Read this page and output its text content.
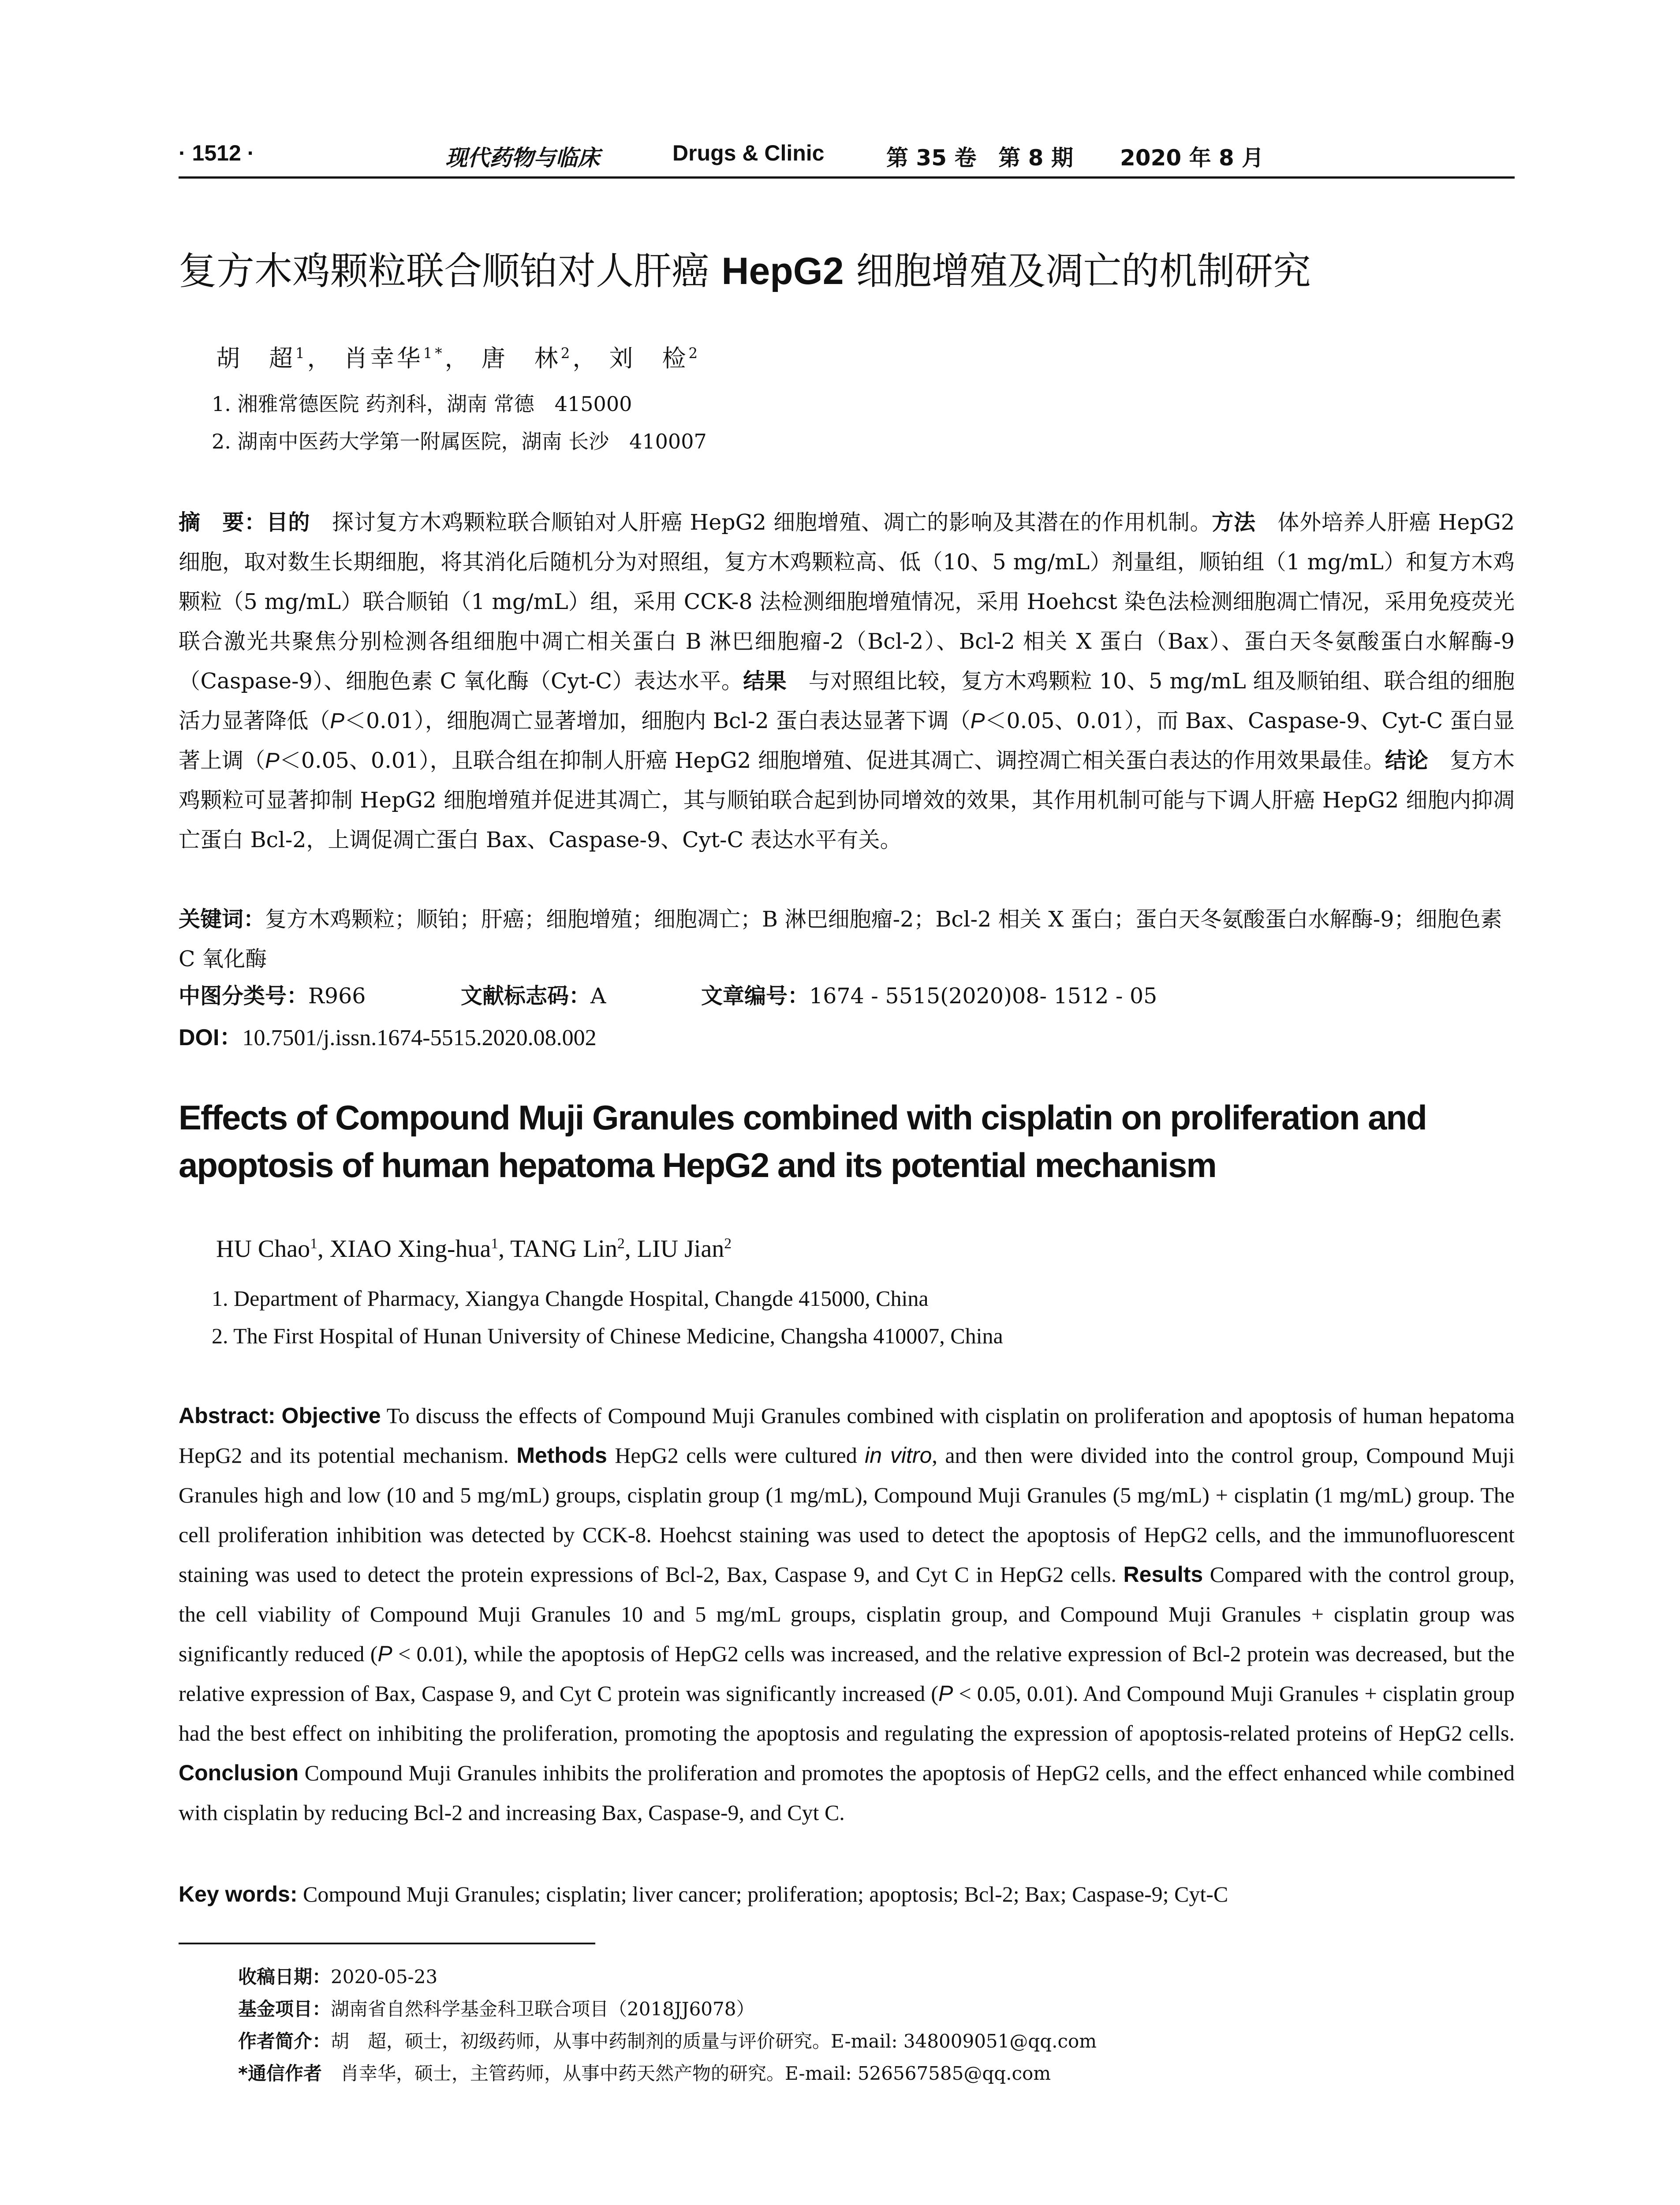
· 1512 ·	现代药物与临床	Drugs & Clinic	第 35 卷　第 8 期 2020 年 8 月
复方木鸡颗粒联合顺铂对人肝癌 HepG2 细胞增殖及凋亡的机制研究
胡　超$^1$， 肖幸华$^{1*}$， 唐　林$^2$， 刘　检$^2$
1. 湘雅常德医院 药剂科，湖南 常德　415000
2. 湖南中医药大学第一附属医院，湖南 长沙　410007
摘　要：目的　探讨复方木鸡颗粒联合顺铂对人肝癌 HepG2 细胞增殖、凋亡的影响及其潜在的作用机制。方法　体外培养人肝癌 HepG2 细胞，取对数生长期细胞，将其消化后随机分为对照组，复方木鸡颗粒高、低（10、5 mg/mL）剂量组，顺铂组（1 mg/mL）和复方木鸡颗粒（5 mg/mL）联合顺铂（1 mg/mL）组，采用 CCK-8 法检测细胞增殖情况，采用 Hoehcst 染色法检测细胞凋亡情况，采用免疫荧光联合激光共聚焦分别检测各组细胞中凋亡相关蛋白 B 淋巴细胞瘤-2（Bcl-2）、Bcl-2 相关 X 蛋白（Bax）、蛋白天冬氨酸蛋白水解酶-9（Caspase-9）、细胞色素 C 氧化酶（Cyt-C）表达水平。结果　与对照组比较，复方木鸡颗粒 10、5 mg/mL 组及顺铂组、联合组的细胞活力显著降低（P＜0.01），细胞凋亡显著增加，细胞内 Bcl-2 蛋白表达显著下调（P＜0.05、0.01），而 Bax、Caspase-9、Cyt-C 蛋白显著上调（P＜0.05、0.01），且联合组在抑制人肝癌 HepG2 细胞增殖、促进其凋亡、调控凋亡相关蛋白表达的作用效果最佳。结论　复方木鸡颗粒可显著抑制 HepG2 细胞增殖并促进其凋亡，其与顺铂联合起到协同增效的效果，其作用机制可能与下调人肝癌 HepG2 细胞内抑凋亡蛋白 Bcl-2，上调促凋亡蛋白 Bax、Caspase-9、Cyt-C 表达水平有关。
关键词：复方木鸡颗粒；顺铂；肝癌；细胞增殖；细胞凋亡；B 淋巴细胞瘤-2；Bcl-2 相关 X 蛋白；蛋白天冬氨酸蛋白水解酶-9；细胞色素 C 氧化酶
中图分类号：R966	文献标志码：A	文章编号：1674 - 5515(2020)08- 1512 - 05
DOI：10.7501/j.issn.1674-5515.2020.08.002
Effects of Compound Muji Granules combined with cisplatin on proliferation and
apoptosis of human hepatoma HepG2 and its potential mechanism
HU Chao$^1$, XIAO Xing-hua$^1$, TANG Lin$^2$, LIU Jian$^2$
1. Department of Pharmacy, Xiangya Changde Hospital, Changde 415000, China
2. The First Hospital of Hunan University of Chinese Medicine, Changsha 410007, China
Abstract: Objective To discuss the effects of Compound Muji Granules combined with cisplatin on proliferation and apoptosis of human hepatoma HepG2 and its potential mechanism. Methods HepG2 cells were cultured in vitro, and then were divided into the control group, Compound Muji Granules high and low (10 and 5 mg/mL) groups, cisplatin group (1 mg/mL), Compound Muji Granules (5 mg/mL) + cisplatin (1 mg/mL) group. The cell proliferation inhibition was detected by CCK-8. Hoehcst staining was used to detect the apoptosis of HepG2 cells, and the immunofluorescent staining was used to detect the protein expressions of Bcl-2, Bax, Caspase 9, and Cyt C in HepG2 cells. Results Compared with the control group, the cell viability of Compound Muji Granules 10 and 5 mg/mL groups, cisplatin group, and Compound Muji Granules + cisplatin group was significantly reduced (P < 0.01), while the apoptosis of HepG2 cells was increased, and the relative expression of Bcl-2 protein was decreased, but the relative expression of Bax, Caspase 9, and Cyt C protein was significantly increased (P < 0.05, 0.01). And Compound Muji Granules + cisplatin group had the best effect on inhibiting the proliferation, promoting the apoptosis and regulating the expression of apoptosis-related proteins of HepG2 cells. Conclusion Compound Muji Granules inhibits the proliferation and promotes the apoptosis of HepG2 cells, and the effect enhanced while combined with cisplatin by reducing Bcl-2 and increasing Bax, Caspase-9, and Cyt C.
Key words: Compound Muji Granules; cisplatin; liver cancer; proliferation; apoptosis; Bcl-2; Bax; Caspase-9; Cyt-C
收稿日期：2020-05-23
基金项目：湖南省自然科学基金科卫联合项目（2018JJ6078）
作者简介：胡　超，硕士，初级药师，从事中药制剂的质量与评价研究。E-mail: 348009051@qq.com
*通信作者　肖幸华，硕士，主管药师，从事中药天然产物的研究。E-mail: 526567585@qq.com
